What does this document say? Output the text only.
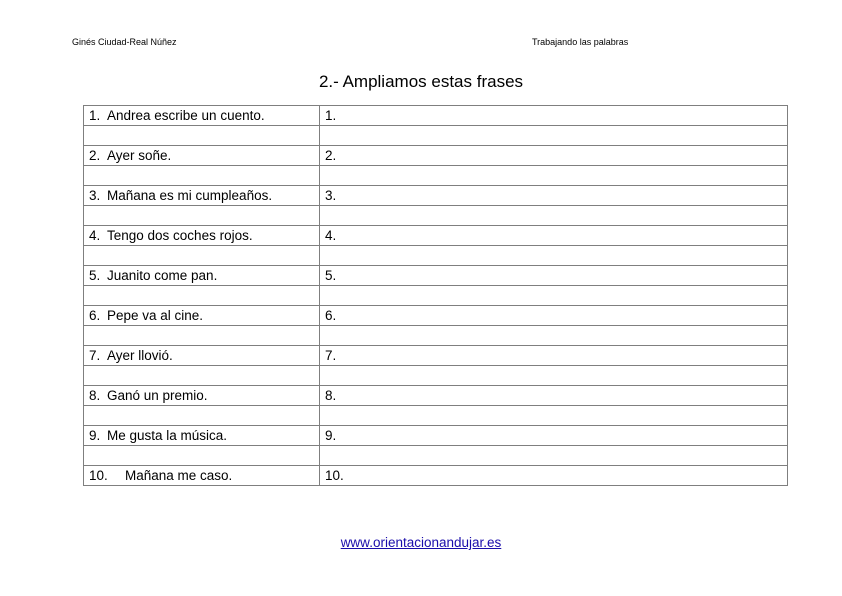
Ginés Ciudad-Real Núñez	Trabajando las palabras
2.- Ampliamos estas frases
1. Andrea escribe un cuento.	1.

2. Ayer soñe.	2.

3. Mañana es mi cumpleaños.	3.

4. Tengo dos coches rojos.	4.

5. Juanito come pan.	5.

6. Pepe va al cine.	6.

7. Ayer llovió.	7.

8. Ganó un premio.	8.

9. Me gusta la música.	9.

10. Mañana me caso.	10.
www.orientacionandujar.es
